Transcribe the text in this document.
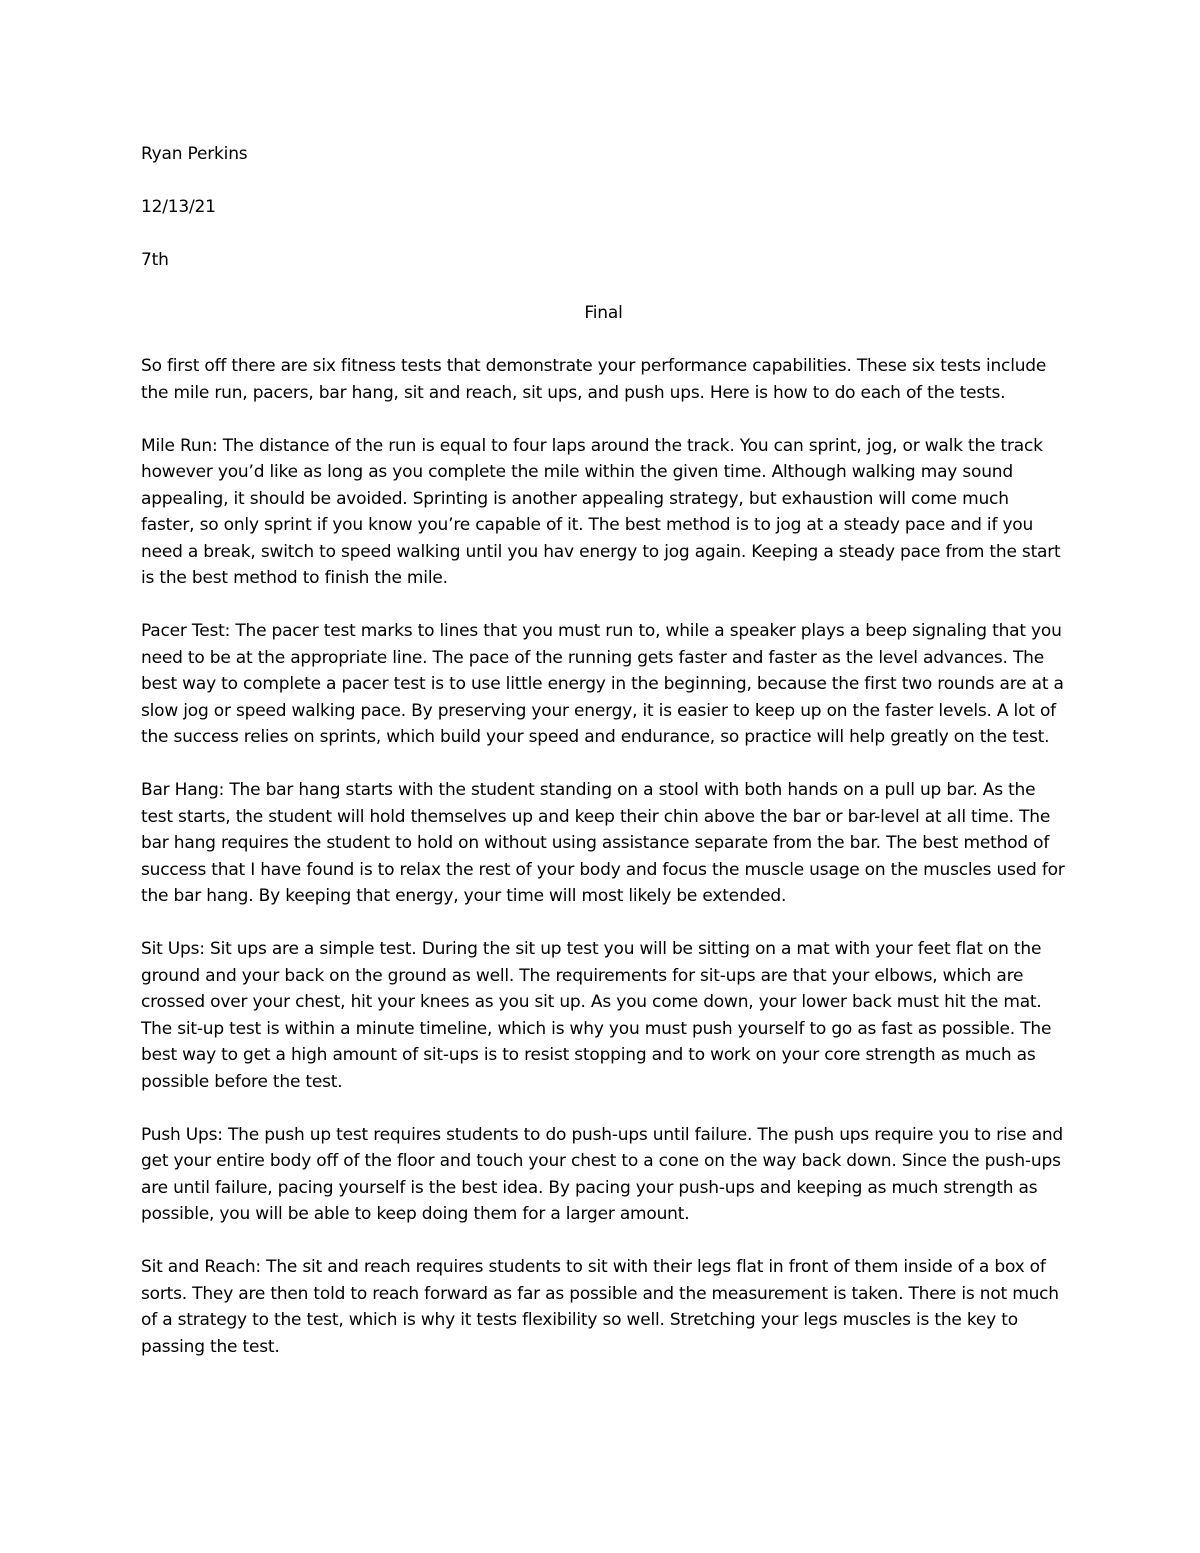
Ryan Perkins

12/13/21

7th

Final

So first off there are six fitness tests that demonstrate your performance capabilities. These six tests include the mile run, pacers, bar hang, sit and reach, sit ups, and push ups. Here is how to do each of the tests.

Mile Run: The distance of the run is equal to four laps around the track. You can sprint, jog, or walk the track however you’d like as long as you complete the mile within the given time. Although walking may sound appealing, it should be avoided. Sprinting is another appealing strategy, but exhaustion will come much faster, so only sprint if you know you’re capable of it. The best method is to jog at a steady pace and if you need a break, switch to speed walking until you hav energy to jog again. Keeping a steady pace from the start is the best method to finish the mile.

Pacer Test: The pacer test marks to lines that you must run to, while a speaker plays a beep signaling that you need to be at the appropriate line. The pace of the running gets faster and faster as the level advances. The best way to complete a pacer test is to use little energy in the beginning, because the first two rounds are at a slow jog or speed walking pace. By preserving your energy, it is easier to keep up on the faster levels. A lot of the success relies on sprints, which build your speed and endurance, so practice will help greatly on the test.

Bar Hang: The bar hang starts with the student standing on a stool with both hands on a pull up bar. As the test starts, the student will hold themselves up and keep their chin above the bar or bar-level at all time. The bar hang requires the student to hold on without using assistance separate from the bar. The best method of success that I have found is to relax the rest of your body and focus the muscle usage on the muscles used for the bar hang. By keeping that energy, your time will most likely be extended.

Sit Ups: Sit ups are a simple test. During the sit up test you will be sitting on a mat with your feet flat on the ground and your back on the ground as well. The requirements for sit-ups are that your elbows, which are crossed over your chest, hit your knees as you sit up. As you come down, your lower back must hit the mat. The sit-up test is within a minute timeline, which is why you must push yourself to go as fast as possible. The best way to get a high amount of sit-ups is to resist stopping and to work on your core strength as much as possible before the test.

Push Ups: The push up test requires students to do push-ups until failure. The push ups require you to rise and get your entire body off of the floor and touch your chest to a cone on the way back down. Since the push-ups are until failure, pacing yourself is the best idea. By pacing your push-ups and keeping as much strength as possible, you will be able to keep doing them for a larger amount.

Sit and Reach: The sit and reach requires students to sit with their legs flat in front of them inside of a box of sorts. They are then told to reach forward as far as possible and the measurement is taken. There is not much of a strategy to the test, which is why it tests flexibility so well. Stretching your legs muscles is the key to passing the test.
